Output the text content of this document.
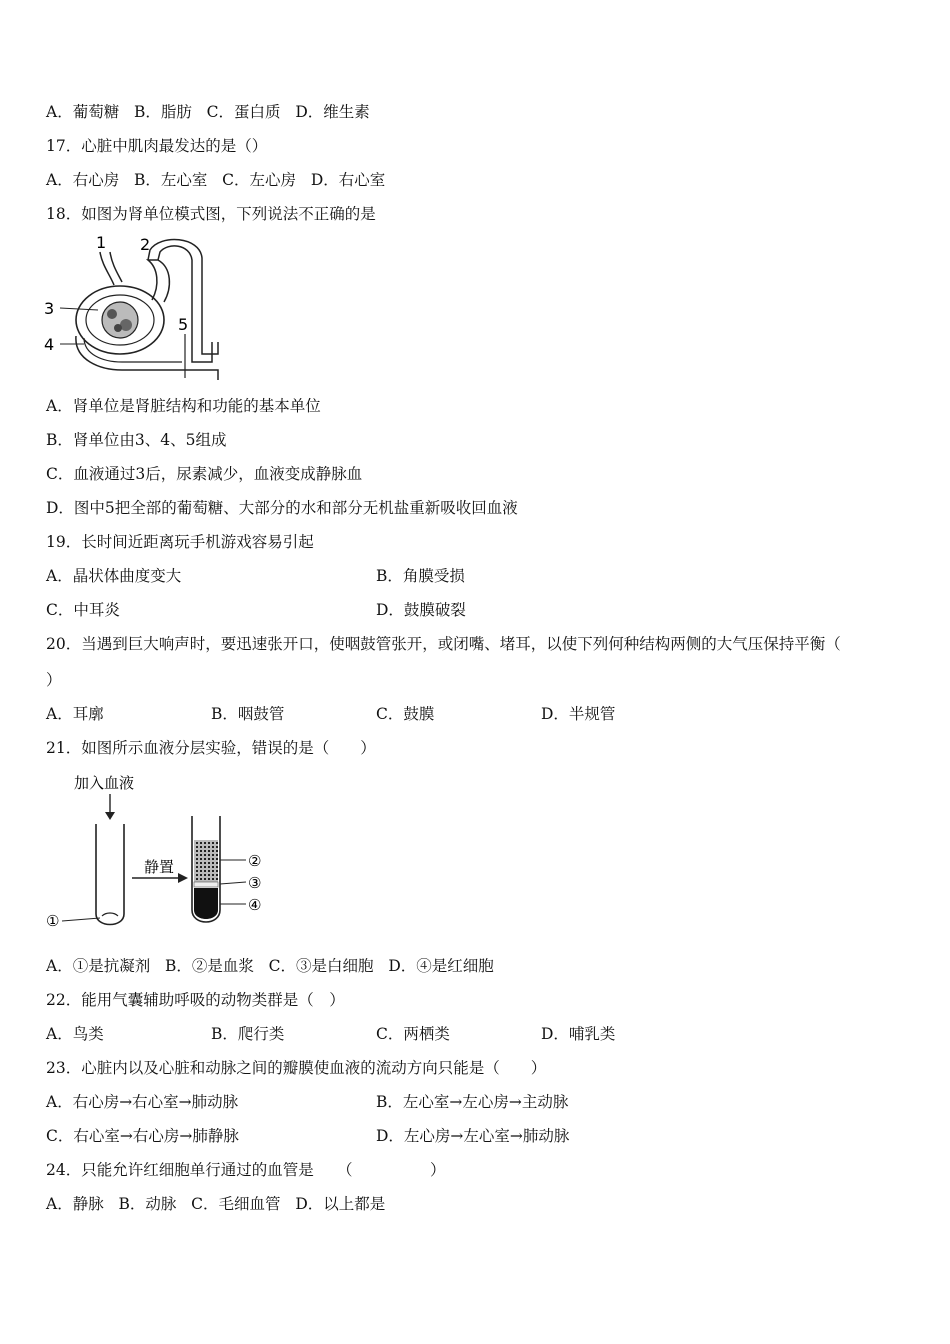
A．葡萄糖 B．脂肪 C．蛋白质 D．维生素
17．心脏中肌肉最发达的是（）
A．右心房 B．左心室 C．左心房 D．右心室
18．如图为肾单位模式图，下列说法不正确的是
1 2
3
4
5
A．肾单位是肾脏结构和功能的基本单位
B．肾单位由3、4、5组成
C．血液通过3后，尿素减少，血液变成静脉血
D．图中5把全部的葡萄糖、大部分的水和部分无机盐重新吸收回血液
19．长时间近距离玩手机游戏容易引起
A．晶状体曲度变大	B．角膜受损
C．中耳炎	D．鼓膜破裂
20．当遇到巨大响声时，要迅速张开口，使咽鼓管张开，或闭嘴、堵耳，以使下列何种结构两侧的大气压保持平衡（
）
A．耳廓	B．咽鼓管	C．鼓膜	D．半规管
21．如图所示血液分层实验，错误的是（　　）
加入血液
①
静置	②
③
④
A．①是抗凝剂 B．②是血浆 C．③是白细胞 D．④是红细胞
22．能用气囊辅助呼吸的动物类群是（　）
A．鸟类	B．爬行类	C．两栖类	D．哺乳类
23．心脏内以及心脏和动脉之间的瓣膜使血液的流动方向只能是（　　）
A．右心房→右心室→肺动脉	B．左心室→左心房→主动脉
C．右心室→右心房→肺静脉	D．左心房→左心室→肺动脉
24．只能允许红细胞单行通过的血管是　　（　　　　　）
A．静脉 B．动脉 C．毛细血管 D．以上都是
